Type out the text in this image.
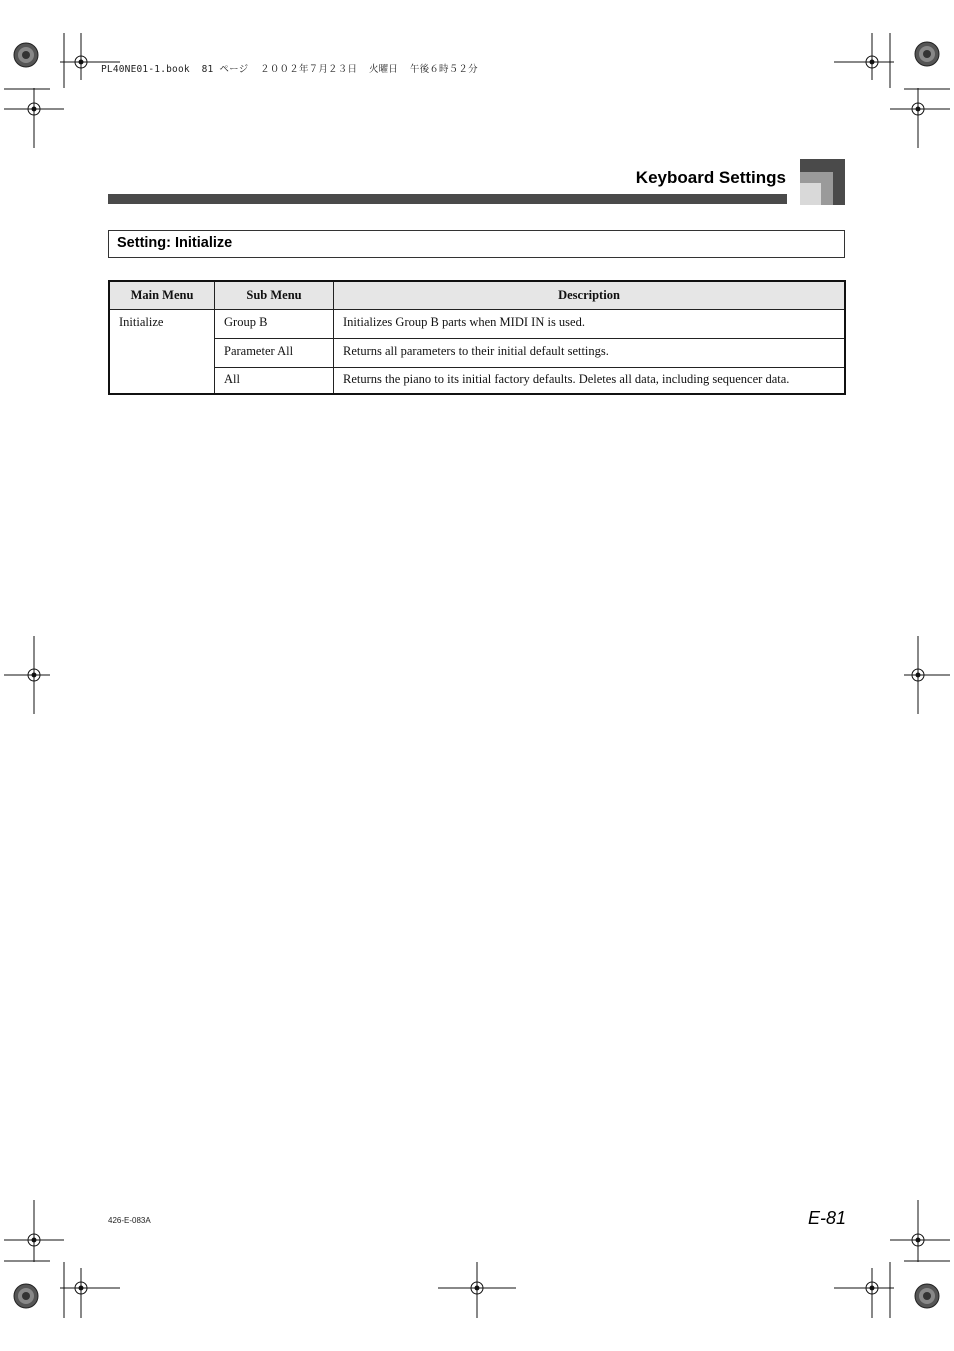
PL40NE01-1.book  81 ページ  ２００２年７月２３日  火曜日  午後６時５２分
Keyboard Settings
Setting: Initialize
Main Menu	Sub Menu	Description
Initialize	Group B	Initializes Group B parts when MIDI IN is used.
	Parameter All	Returns all parameters to their initial default settings.
	All	Returns the piano to its initial factory defaults. Deletes all data, including sequencer data.
426-E-083A	E-81
